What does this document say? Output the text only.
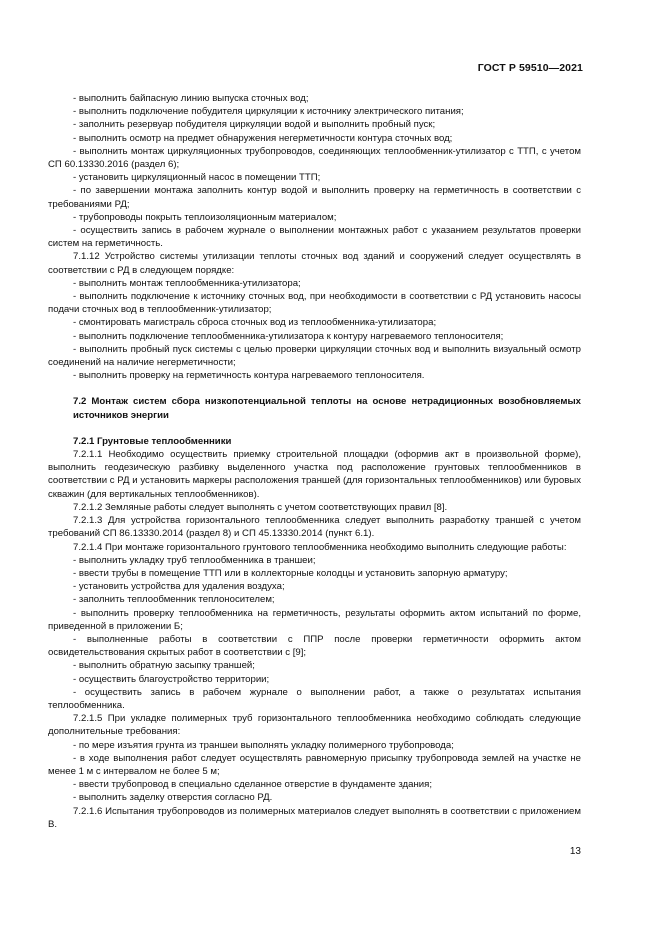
ГОСТ Р 59510—2021

- выполнить байпасную линию выпуска сточных вод;

- выполнить подключение побудителя циркуляции к источнику электрического питания;

- заполнить резервуар побудителя циркуляции водой и выполнить пробный пуск;

- выполнить осмотр на предмет обнаружения негерметичности контура сточных вод;

- выполнить монтаж циркуляционных трубопроводов, соединяющих теплообменник-утилизатор с ТТП, с учетом СП 60.13330.2016 (раздел 6);

- установить циркуляционный насос в помещении ТТП;

- по завершении монтажа заполнить контур водой и выполнить проверку на герметичность в соответствии с требованиями РД;

- трубопроводы покрыть теплоизоляционным материалом;

- осуществить запись в рабочем журнале о выполнении монтажных работ с указанием результатов проверки систем на герметичность.

7.1.12 Устройство системы утилизации теплоты сточных вод зданий и сооружений следует осуществлять в соответствии с РД в следующем порядке:

- выполнить монтаж теплообменника-утилизатора;

- выполнить подключение к источнику сточных вод, при необходимости в соответствии с РД установить насосы подачи сточных вод в теплообменник-утилизатор;

- смонтировать магистраль сброса сточных вод из теплообменника-утилизатора;

- выполнить подключение теплообменника-утилизатора к контуру нагреваемого теплоносителя;

- выполнить пробный пуск системы с целью проверки циркуляции сточных вод и выполнить визуальный осмотр соединений на наличие негерметичности;

- выполнить проверку на герметичность контура нагреваемого теплоносителя.

7.2 Монтаж систем сбора низкопотенциальной теплоты на основе нетрадиционных возобновляемых источников энергии

7.2.1 Грунтовые теплообменники

7.2.1.1 Необходимо осуществить приемку строительной площадки (оформив акт в произвольной форме), выполнить геодезическую разбивку выделенного участка под расположение грунтовых теплообменников в соответствии с РД и установить маркеры расположения траншей (для горизонтальных теплообменников) или буровых скважин (для вертикальных теплообменников).

7.2.1.2 Земляные работы следует выполнять с учетом соответствующих правил [8].

7.2.1.3 Для устройства горизонтального теплообменника следует выполнить разработку траншей с учетом требований СП 86.13330.2014 (раздел 8) и СП 45.13330.2014 (пункт 6.1).

7.2.1.4 При монтаже горизонтального грунтового теплообменника необходимо выполнить следующие работы:

- выполнить укладку труб теплообменника в траншеи;

- ввести трубы в помещение ТТП или в коллекторные колодцы и установить запорную арматуру;

- установить устройства для удаления воздуха;

- заполнить теплообменник теплоносителем;

- выполнить проверку теплообменника на герметичность, результаты оформить актом испытаний по форме, приведенной в приложении Б;

- выполненные работы в соответствии с ППР после проверки герметичности оформить актом освидетельствования скрытых работ в соответствии с [9];

- выполнить обратную засыпку траншей;

- осуществить благоустройство территории;

- осуществить запись в рабочем журнале о выполнении работ, а также о результатах испытания теплообменника.

7.2.1.5 При укладке полимерных труб горизонтального теплообменника необходимо соблюдать следующие дополнительные требования:

- по мере изъятия грунта из траншеи выполнять укладку полимерного трубопровода;

- в ходе выполнения работ следует осуществлять равномерную присыпку трубопровода землей на участке не менее 1 м с интервалом не более 5 м;

- ввести трубопровод в специально сделанное отверстие в фундаменте здания;

- выполнить заделку отверстия согласно РД.

7.2.1.6 Испытания трубопроводов из полимерных материалов следует выполнять в соответствии с приложением В.

13
